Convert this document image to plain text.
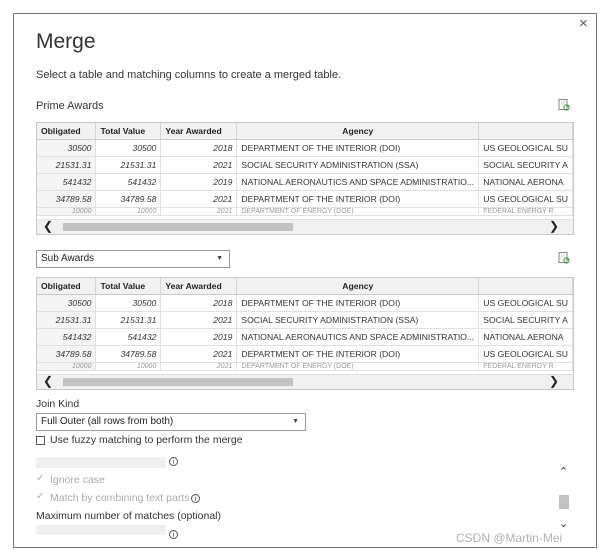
×
Merge
Select a table and matching columns to create a merged table.
Prime Awards
Obligated	Total Value	Year Awarded	Agency	
30500	30500	2018	DEPARTMENT OF THE INTERIOR (DOI)	US GEOLOGICAL SU
21531.31	21531.31	2021	SOCIAL SECURITY ADMINISTRATION (SSA)	SOCIAL SECURITY A
541432	541432	2019	NATIONAL AERONAUTICS AND SPACE ADMINISTRATIO...	NATIONAL AERONA
34789.58	34789.58	2021	DEPARTMENT OF THE INTERIOR (DOI)	US GEOLOGICAL SU
10000	10000	2021	DEPARTMENT OF ENERGY (DOE)	FEDERAL ENERGY R
❮	❯
Sub Awards	▼
Obligated	Total Value	Year Awarded	Agency	
30500	30500	2018	DEPARTMENT OF THE INTERIOR (DOI)	US GEOLOGICAL SU
21531.31	21531.31	2021	SOCIAL SECURITY ADMINISTRATION (SSA)	SOCIAL SECURITY A
541432	541432	2019	NATIONAL AERONAUTICS AND SPACE ADMINISTRATIO...	NATIONAL AERONA
34789.58	34789.58	2021	DEPARTMENT OF THE INTERIOR (DOI)	US GEOLOGICAL SU
10000	10000	2021	DEPARTMENT OF ENERGY (DOE)	FEDERAL ENERGY R
❮	❯
Join Kind
Full Outer (all rows from both)	▼
Use fuzzy matching to perform the merge
i
✓ Ignore case
✓ Match by combining text parts i
Maximum number of matches (optional)
i
⌃
⌄
CSDN @Martin-Mei
